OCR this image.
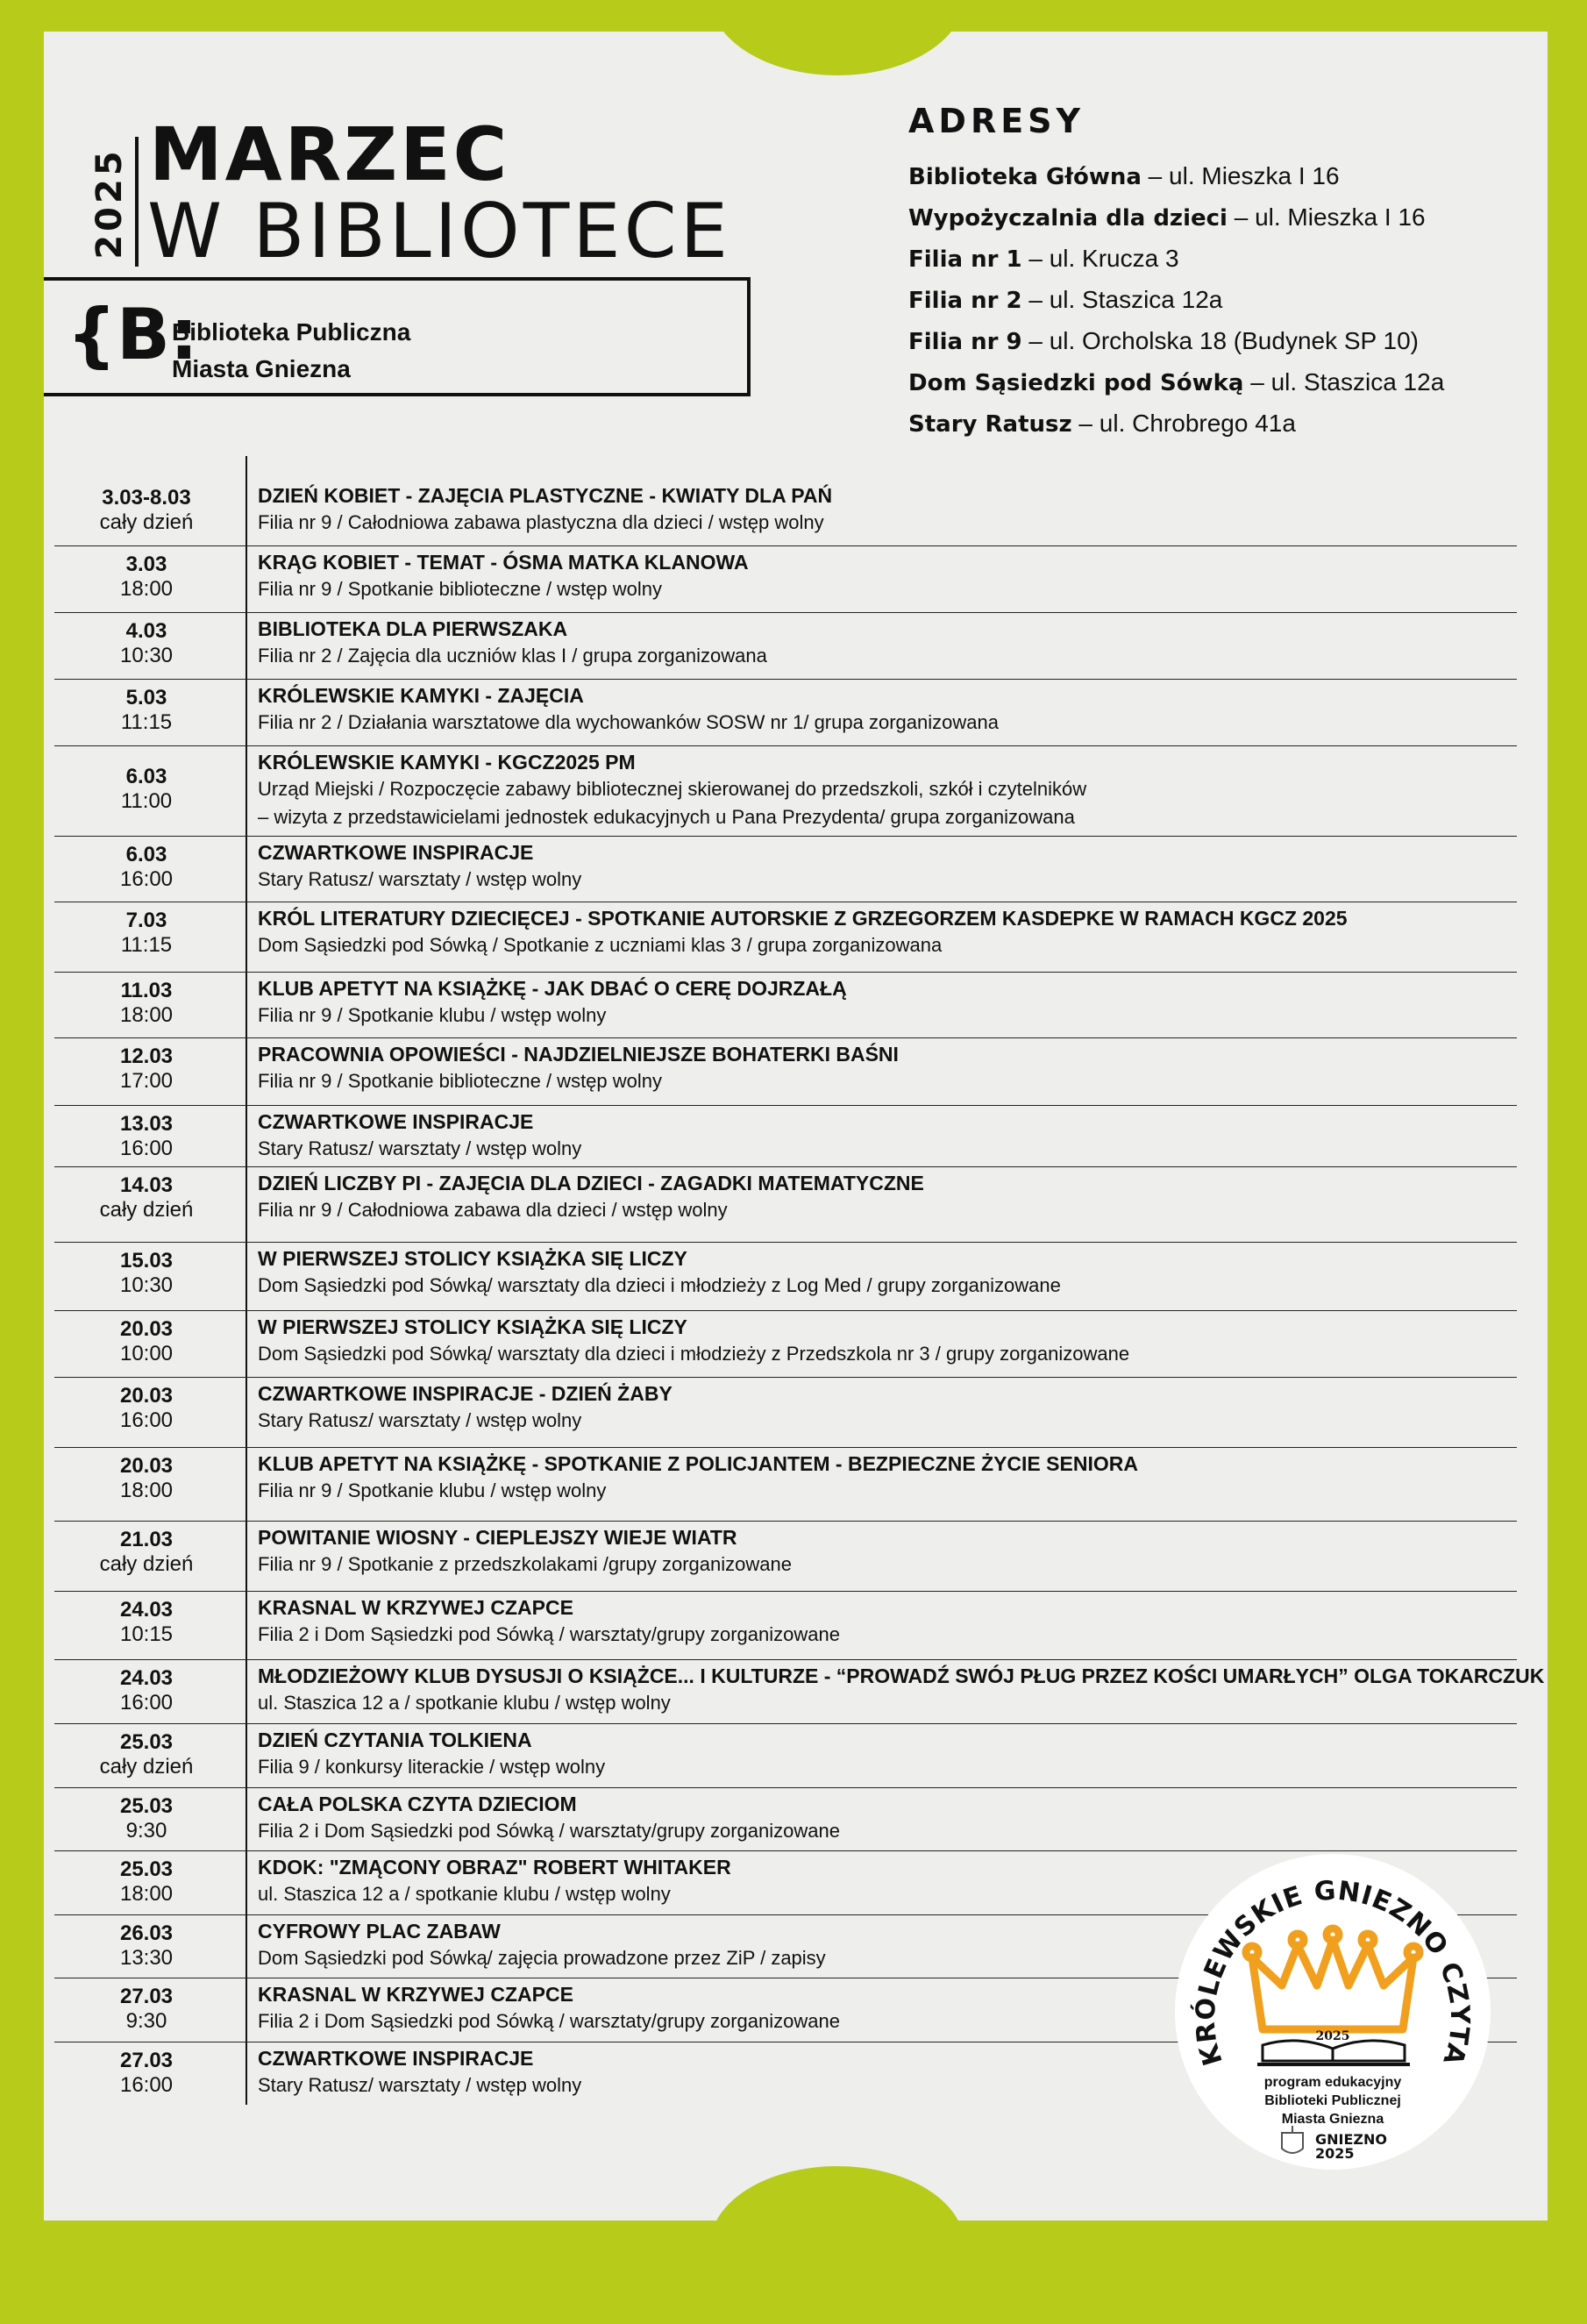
2025 MARZEC
W BIBLIOTECE
{B:
Biblioteka Publiczna
Miasta Gniezna
ADRESY
Biblioteka Główna – ul. Mieszka I 16
Wypożyczalnia dla dzieci – ul. Mieszka I 16
Filia nr 1 – ul. Krucza 3
Filia nr 2 – ul. Staszica 12a
Filia nr 9 – ul. Orcholska 18 (Budynek SP 10)
Dom Sąsiedzki pod Sówką – ul. Staszica 12a
Stary Ratusz – ul. Chrobrego 41a
3.03-8.03
cały dzień
DZIEŃ KOBIET - ZAJĘCIA PLASTYCZNE - KWIATY DLA PAŃ
Filia nr 9 / Całodniowa zabawa plastyczna dla dzieci / wstęp wolny
3.03
18:00
KRĄG KOBIET - TEMAT - ÓSMA MATKA KLANOWA
Filia nr 9 / Spotkanie biblioteczne / wstęp wolny
4.03
10:30
BIBLIOTEKA DLA PIERWSZAKA
Filia nr 2 / Zajęcia dla uczniów klas I / grupa zorganizowana
5.03
11:15
KRÓLEWSKIE KAMYKI - ZAJĘCIA
Filia nr 2 / Działania warsztatowe dla wychowanków SOSW nr 1/ grupa zorganizowana
6.03
11:00
KRÓLEWSKIE KAMYKI - KGCZ2025 PM
Urząd Miejski / Rozpoczęcie zabawy bibliotecznej skierowanej do przedszkoli, szkół i czytelników
– wizyta z przedstawicielami jednostek edukacyjnych u Pana Prezydenta/ grupa zorganizowana
6.03
16:00
CZWARTKOWE INSPIRACJE
Stary Ratusz/ warsztaty / wstęp wolny
7.03
11:15
KRÓL LITERATURY DZIECIĘCEJ - SPOTKANIE AUTORSKIE Z GRZEGORZEM KASDEPKE W RAMACH KGCZ 2025
Dom Sąsiedzki pod Sówką / Spotkanie z uczniami klas 3 / grupa zorganizowana
11.03
18:00
KLUB APETYT NA KSIĄŻKĘ - JAK DBAĆ O CERĘ DOJRZAŁĄ
Filia nr 9 / Spotkanie klubu / wstęp wolny
12.03
17:00
PRACOWNIA OPOWIEŚCI - NAJDZIELNIEJSZE BOHATERKI BAŚNI
Filia nr 9 / Spotkanie biblioteczne / wstęp wolny
13.03
16:00
CZWARTKOWE INSPIRACJE
Stary Ratusz/ warsztaty / wstęp wolny
14.03
cały dzień
DZIEŃ LICZBY PI - ZAJĘCIA DLA DZIECI - ZAGADKI MATEMATYCZNE
Filia nr 9 / Całodniowa zabawa dla dzieci / wstęp wolny
15.03
10:30
W PIERWSZEJ STOLICY KSIĄŻKA SIĘ LICZY
Dom Sąsiedzki pod Sówką/ warsztaty dla dzieci i młodzieży z Log Med / grupy zorganizowane
20.03
10:00
W PIERWSZEJ STOLICY KSIĄŻKA SIĘ LICZY
Dom Sąsiedzki pod Sówką/ warsztaty dla dzieci i młodzieży z Przedszkola nr 3 / grupy zorganizowane
20.03
16:00
CZWARTKOWE INSPIRACJE - DZIEŃ ŻABY
Stary Ratusz/ warsztaty / wstęp wolny
20.03
18:00
KLUB APETYT NA KSIĄŻKĘ - SPOTKANIE Z POLICJANTEM - BEZPIECZNE ŻYCIE SENIORA
Filia nr 9 / Spotkanie klubu / wstęp wolny
21.03
cały dzień
POWITANIE WIOSNY - CIEPLEJSZY WIEJE WIATR
Filia nr 9 / Spotkanie z przedszkolakami /grupy zorganizowane
24.03
10:15
KRASNAL W KRZYWEJ CZAPCE
Filia 2 i Dom Sąsiedzki pod Sówką / warsztaty/grupy zorganizowane
24.03
16:00
MŁODZIEŻOWY KLUB DYSUSJI O KSIĄŻCE... I KULTURZE - “PROWADŹ SWÓJ PŁUG PRZEZ KOŚCI UMARŁYCH” OLGA TOKARCZUK
ul. Staszica 12 a / spotkanie klubu / wstęp wolny
25.03
cały dzień
DZIEŃ CZYTANIA TOLKIENA
Filia 9 / konkursy literackie / wstęp wolny
25.03
9:30
CAŁA POLSKA CZYTA DZIECIOM
Filia 2 i Dom Sąsiedzki pod Sówką / warsztaty/grupy zorganizowane
25.03
18:00
KDOK: "ZMĄCONY OBRAZ" ROBERT WHITAKER
ul. Staszica 12 a / spotkanie klubu / wstęp wolny
26.03
13:30
CYFROWY PLAC ZABAW
Dom Sąsiedzki pod Sówką/ zajęcia prowadzone przez ZiP / zapisy
27.03
9:30
KRASNAL W KRZYWEJ CZAPCE
Filia 2 i Dom Sąsiedzki pod Sówką / warsztaty/grupy zorganizowane
27.03
16:00
CZWARTKOWE INSPIRACJE
Stary Ratusz/ warsztaty / wstęp wolny
KRÓLEWSKIE GNIEZNO CZYTA
2025
program edukacyjny
Biblioteki Publicznej
Miasta Gniezna
GNIEZNO
2025
